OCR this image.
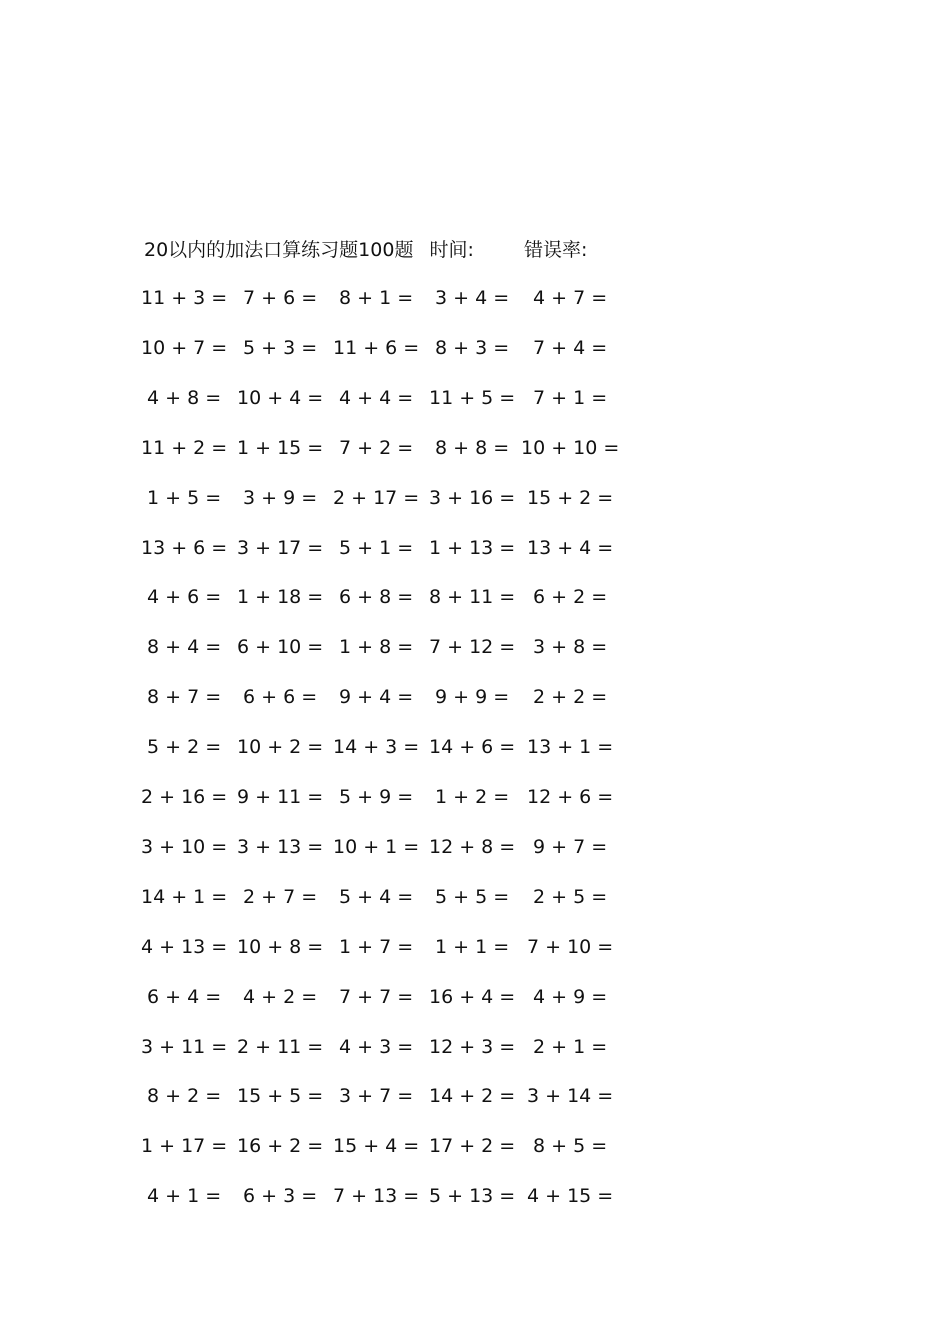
20以内的加法口算练习题100题 时间:	错误率:
11 + 3 = 7 + 6 = 8 + 1 = 3 + 4 = 4 + 7 =
10 + 7 = 5 + 3 = 11 + 6 = 8 + 3 = 7 + 4 =
4 + 8 = 10 + 4 = 4 + 4 = 11 + 5 = 7 + 1 =
11 + 2 = 1 + 15 = 7 + 2 = 8 + 8 = 10 + 10 =
1 + 5 = 3 + 9 = 2 + 17 = 3 + 16 = 15 + 2 =
13 + 6 = 3 + 17 = 5 + 1 = 1 + 13 = 13 + 4 =
4 + 6 = 1 + 18 = 6 + 8 = 8 + 11 = 6 + 2 =
8 + 4 = 6 + 10 = 1 + 8 = 7 + 12 = 3 + 8 =
8 + 7 = 6 + 6 = 9 + 4 = 9 + 9 = 2 + 2 =
5 + 2 = 10 + 2 = 14 + 3 = 14 + 6 = 13 + 1 =
2 + 16 = 9 + 11 = 5 + 9 = 1 + 2 = 12 + 6 =
3 + 10 = 3 + 13 = 10 + 1 = 12 + 8 = 9 + 7 =
14 + 1 = 2 + 7 = 5 + 4 = 5 + 5 = 2 + 5 =
4 + 13 = 10 + 8 = 1 + 7 = 1 + 1 = 7 + 10 =
6 + 4 = 4 + 2 = 7 + 7 = 16 + 4 = 4 + 9 =
3 + 11 = 2 + 11 = 4 + 3 = 12 + 3 = 2 + 1 =
8 + 2 = 15 + 5 = 3 + 7 = 14 + 2 = 3 + 14 =
1 + 17 = 16 + 2 = 15 + 4 = 17 + 2 = 8 + 5 =
4 + 1 = 6 + 3 = 7 + 13 = 5 + 13 = 4 + 15 =
